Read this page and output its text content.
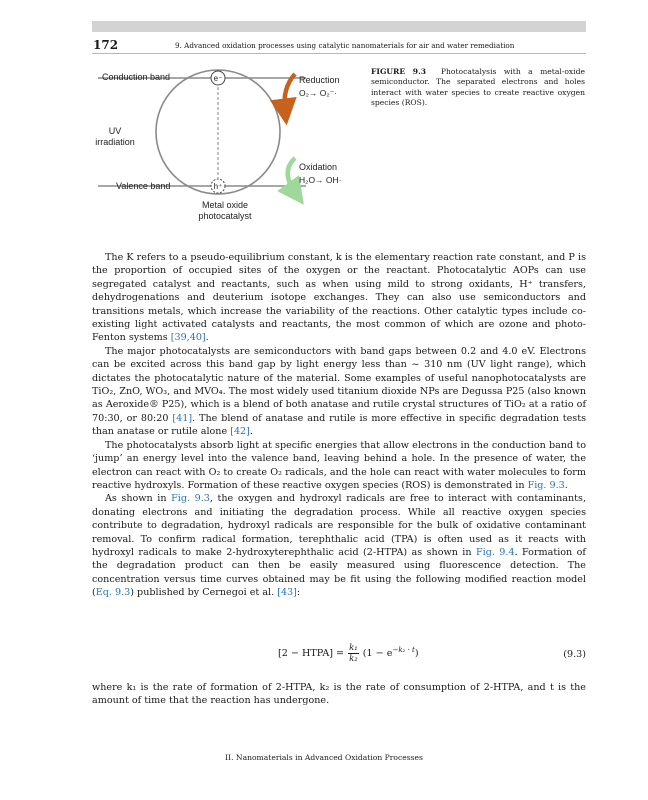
172	9. Advanced oxidation processes using catalytic nanomaterials for air and water remediation
Conduction band
Valence band
e⁻
h⁺
UV
irradiation
Reduction
O₂→ O₂⁻·
Oxidation
H₂O→ OH·
Metal oxide
photocatalyst
FIGURE 9.3 Photocatalysis with a metal-oxide semiconductor. The separated electrons and holes interact with water species to create reactive oxygen species (ROS).

The K refers to a pseudo-equilibrium constant, k is the elementary reaction rate constant, and P is the proportion of occupied sites of the oxygen or the reactant. Photocatalytic AOPs can use segregated catalyst and reactants, such as when using mild to strong oxidants, H⁺ transfers, dehydrogenations and deuterium isotope exchanges. They can also use semiconductors and transitions metals, which increase the variability of the reactions. Other catalytic types include co-existing light activated catalysts and reactants, the most common of which are ozone and photo-Fenton systems [39,40].

The major photocatalysts are semiconductors with band gaps between 0.2 and 4.0 eV. Electrons can be excited across this band gap by light energy less than ~ 310 nm (UV light range), which dictates the photocatalytic nature of the material. Some examples of useful nanophotocatalysts are TiO₂, ZnO, WO₃, and MVO₄. The most widely used titanium dioxide NPs are Degussa P25 (also known as Aeroxide® P25), which is a blend of both anatase and rutile crystal structures of TiO₂ at a ratio of 70:30, or 80:20 [41]. The blend of anatase and rutile is more effective in specific degradation tests than anatase or rutile alone [42].

The photocatalysts absorb light at specific energies that allow electrons in the conduction band to ‘jump’ an energy level into the valence band, leaving behind a hole. In the presence of water, the electron can react with O₂ to create O₂ radicals, and the hole can react with water molecules to form reactive hydroxyls. Formation of these reactive oxygen species (ROS) is demonstrated in Fig. 9.3.

As shown in Fig. 9.3, the oxygen and hydroxyl radicals are free to interact with contaminants, donating electrons and initiating the degradation process. While all reactive oxygen species contribute to degradation, hydroxyl radicals are responsible for the bulk of oxidative contaminant removal. To confirm radical formation, terephthalic acid (TPA) is often used as it reacts with hydroxyl radicals to make 2-hydroxyterephthalic acid (2-HTPA) as shown in Fig. 9.4. Formation of the degradation product can then be easily measured using fluorescence detection. The concentration versus time curves obtained may be fit using the following modified reaction model (Eq. 9.3) published by Cernegoi et al. [43]:

[2 − HTPA] = $\frac{\text{k₁}}{\text{k₂}} (1 - e^{-k_2 \cdot t})$	(9.3)

where k₁ is the rate of formation of 2-HTPA, k₂ is the rate of consumption of 2-HTPA, and t is the amount of time that the reaction has undergone.

II. Nanomaterials in Advanced Oxidation Processes
